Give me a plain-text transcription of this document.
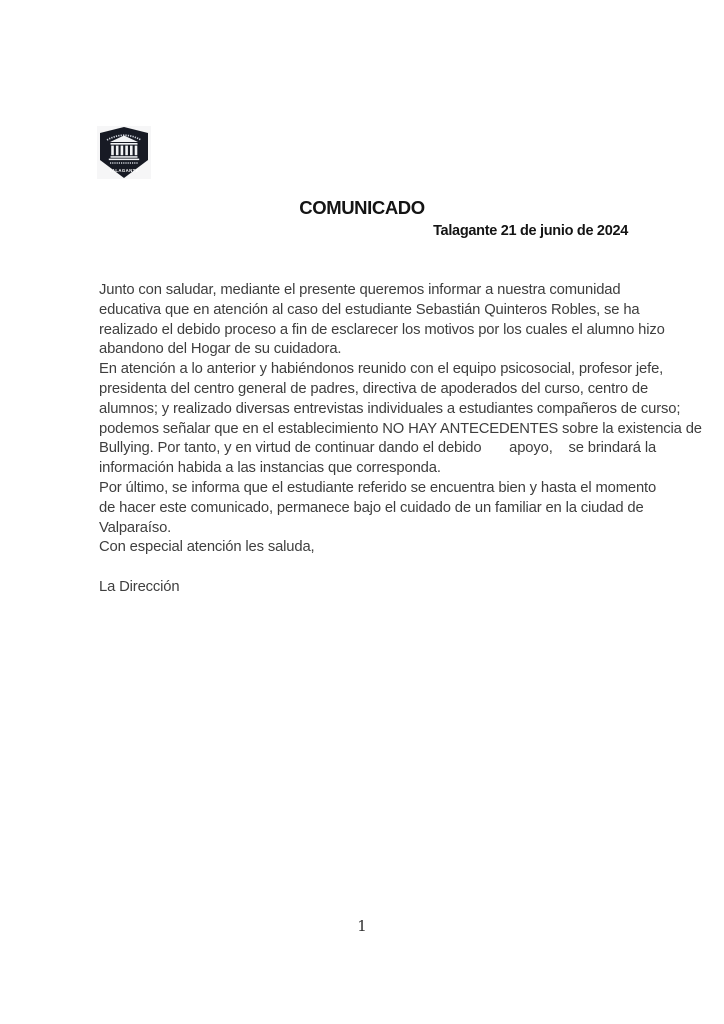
TALAGANTE
COMUNICADO
Talagante 21 de junio de 2024
Junto con saludar, mediante el presente queremos informar a nuestra comunidad
educativa que en atención al caso del estudiante Sebastián Quinteros Robles, se ha
realizado el debido proceso a fin de esclarecer los motivos por los cuales el alumno hizo
abandono del Hogar de su cuidadora.
En atención a lo anterior y habiéndonos reunido con el equipo psicosocial, profesor jefe,
presidenta del centro general de padres, directiva de apoderados del curso, centro de
alumnos; y realizado diversas entrevistas individuales a estudiantes compañeros de curso;
podemos señalar que en el establecimiento NO HAY ANTECEDENTES sobre la existencia de
Bullying. Por tanto, y en virtud de continuar dando el debido       apoyo,    se brindará la
información habida a las instancias que corresponda.
Por último, se informa que el estudiante referido se encuentra bien y hasta el momento
de hacer este comunicado, permanece bajo el cuidado de un familiar en la ciudad de
Valparaíso.
Con especial atención les saluda,
La Dirección
1
